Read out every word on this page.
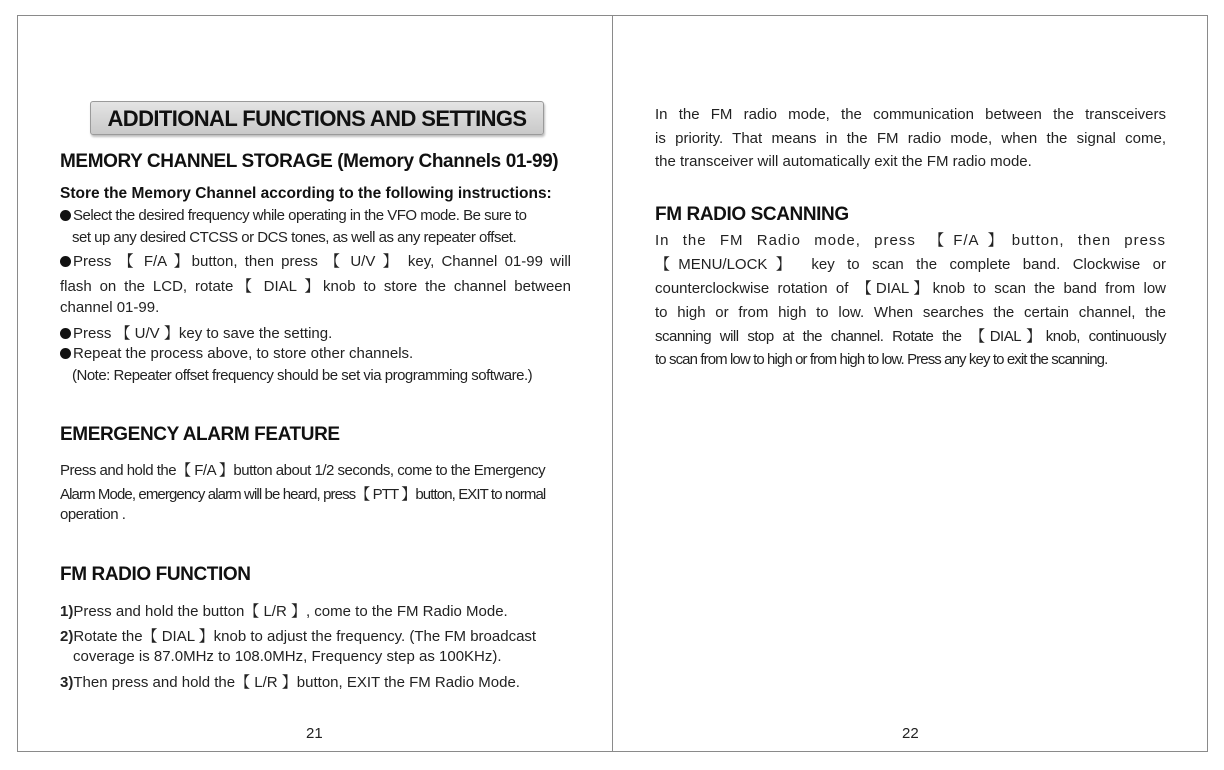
ADDITIONAL FUNCTIONS AND SETTINGS
MEMORY CHANNEL STORAGE (Memory Channels 01-99)
Store the Memory Channel according to the following instructions:
Select the desired frequency while operating in the VFO mode. Be sure to
set up any desired CTCSS or DCS tones, as well as any repeater offset.
Press 【 F/A 】button, then press 【 U/V 】 key, Channel 01-99 will
flash on the LCD, rotate【 DIAL 】knob to store the channel between
channel 01-99.
Press 【 U/V 】key to save the setting.
Repeat the process above, to store other channels.
(Note: Repeater offset frequency should be set via programming software.)
EMERGENCY ALARM FEATURE
Press and hold the【 F/A 】button about 1/2 seconds, come to the Emergency
Alarm Mode, emergency alarm will be heard, press【 PTT 】button, EXIT to normal
operation .
FM RADIO FUNCTION
1)Press and hold the button【 L/R 】, come to the FM Radio Mode.
2)Rotate the【 DIAL 】knob to adjust the frequency. (The FM broadcast
coverage is 87.0MHz to 108.0MHz, Frequency step as 100KHz).
3)Then press and hold the【 L/R 】button, EXIT the FM Radio Mode.
21
In the FM radio mode, the communication between the transceivers
is priority. That means in the FM radio mode, when the signal come,
the transceiver will automatically exit the FM radio mode.
FM RADIO SCANNING
In the FM Radio mode, press 【F/A】button, then press
【MENU/LOCK】 key to scan the complete band. Clockwise or
counterclockwise rotation of 【DIAL】knob to scan the band from low
to high or from high to low. When searches the certain channel, the
scanning will stop at the channel. Rotate the 【DIAL】knob, continuously
to scan from low to high or from high to low. Press any key to exit the scanning.
22
